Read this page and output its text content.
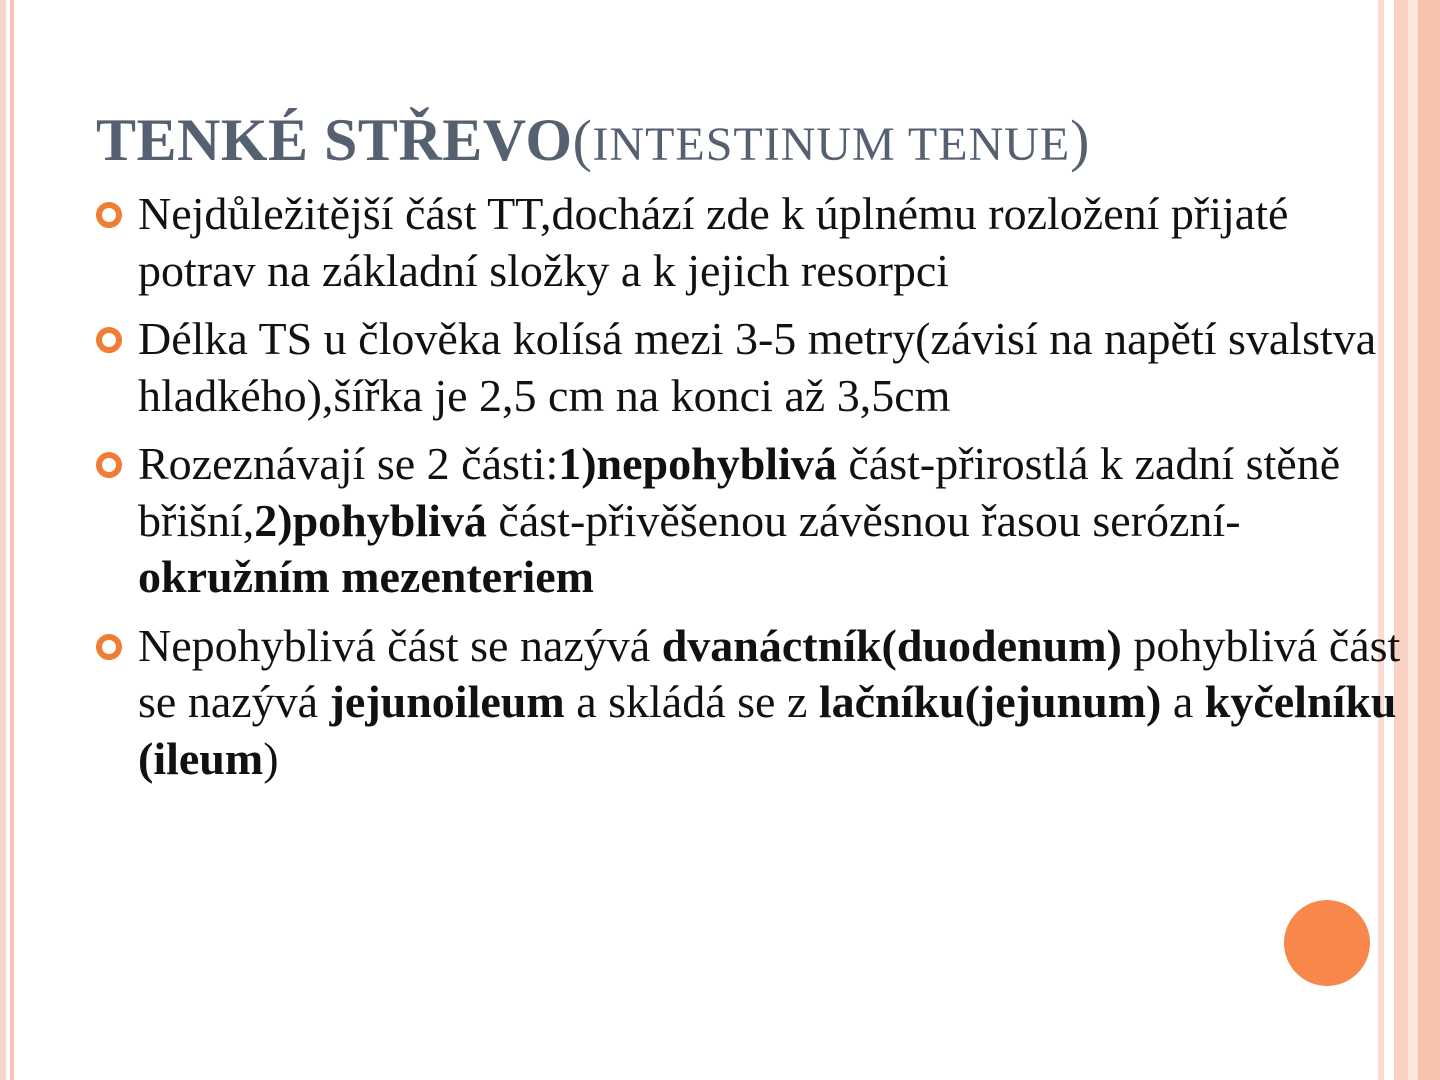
TENKÉ STŘEVO(INTESTINUM TENUE)
Nejdůležitější část TT,dochází zde k úplnému rozložení přijaté potrav na základní složky a k jejich resorpci
Délka TS u člověka kolísá mezi 3-5 metry(závisí na napětí svalstva hladkého),šířka je 2,5 cm na konci až 3,5cm
Rozeznávají se 2 části:1)nepohyblivá část-přirostlá k zadní stěně břišní,2)pohyblivá část-přivěšenou závěsnou řasou serózní-okružním mezenteriem
Nepohyblivá část se nazývá dvanáctník(duodenum) pohyblivá část se nazývá jejunoileum a skládá se z lačníku(jejunum) a kyčelníku (ileum)
